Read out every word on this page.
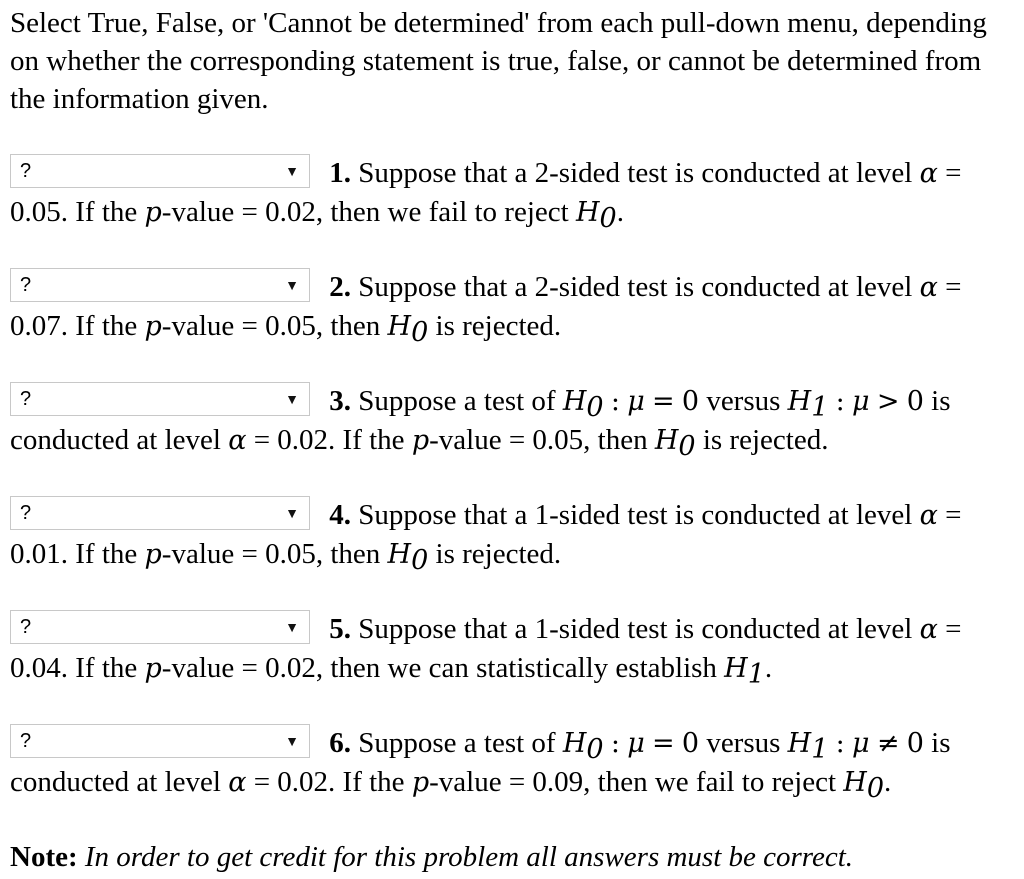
Select True, False, or 'Cannot be determined' from each pull-down menu, depending on whether the corresponding statement is true, false, or cannot be determined from the information given.
?	▼ 1. Suppose that a 2-sided test is conducted at level α = 0.05. If the p-value = 0.02, then we fail to reject $H_0$.
?	▼ 2. Suppose that a 2-sided test is conducted at level α = 0.07. If the p-value = 0.05, then $H_0$ is rejected.
?	▼ 3. Suppose a test of $H_0$ : μ = 0 versus $H_1$ : μ > 0 is conducted at level α = 0.02. If the p-value = 0.05, then $H_0$ is rejected.
?	▼ 4. Suppose that a 1-sided test is conducted at level α = 0.01. If the p-value = 0.05, then $H_0$ is rejected.
?	▼ 5. Suppose that a 1-sided test is conducted at level α = 0.04. If the p-value = 0.02, then we can statistically establish $H_1$.
?	▼ 6. Suppose a test of $H_0$ : μ = 0 versus $H_1$ : μ ≠ 0 is conducted at level α = 0.02. If the p-value = 0.09, then we fail to reject $H_0$.
Note: In order to get credit for this problem all answers must be correct.
